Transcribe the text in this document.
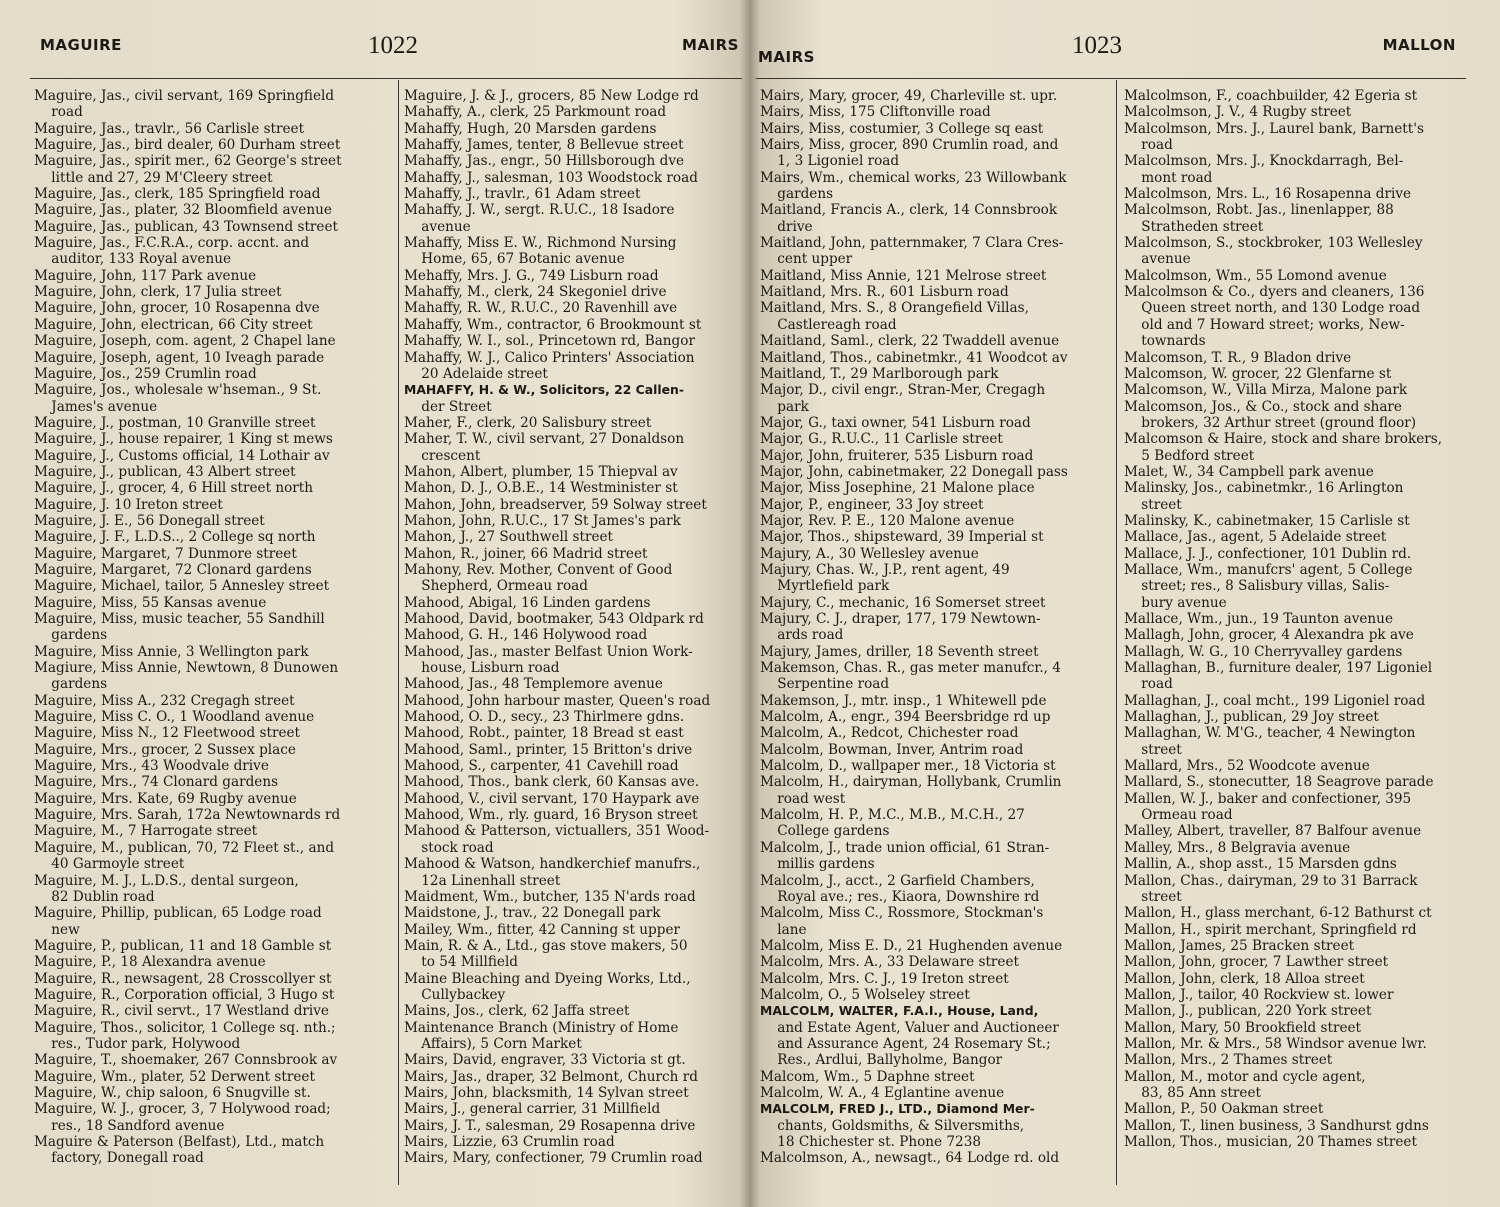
MAGUIRE	1022	MAIRS
Maguire, Jas., civil servant, 169 Springfield
road
Maguire, Jas., travlr., 56 Carlisle street
Maguire, Jas., bird dealer, 60 Durham street
Maguire, Jas., spirit mer., 62 George's street
little and 27, 29 M'Cleery street
Maguire, Jas., clerk, 185 Springfield road
Maguire, Jas., plater, 32 Bloomfield avenue
Maguire, Jas., publican, 43 Townsend street
Maguire, Jas., F.C.R.A., corp. accnt. and
auditor, 133 Royal avenue
Maguire, John, 117 Park avenue
Maguire, John, clerk, 17 Julia street
Maguire, John, grocer, 10 Rosapenna dve
Maguire, John, electrican, 66 City street
Maguire, Joseph, com. agent, 2 Chapel lane
Maguire, Joseph, agent, 10 Iveagh parade
Maguire, Jos., 259 Crumlin road
Maguire, Jos., wholesale w'hseman., 9 St.
James's avenue
Maguire, J., postman, 10 Granville street
Maguire, J., house repairer, 1 King st mews
Maguire, J., Customs official, 14 Lothair av
Maguire, J., publican, 43 Albert street
Maguire, J., grocer, 4, 6 Hill street north
Maguire, J. 10 Ireton street
Maguire, J. E., 56 Donegall street
Maguire, J. F., L.D.S.., 2 College sq north
Maguire, Margaret, 7 Dunmore street
Maguire, Margaret, 72 Clonard gardens
Maguire, Michael, tailor, 5 Annesley street
Maguire, Miss, 55 Kansas avenue
Maguire, Miss, music teacher, 55 Sandhill
gardens
Maguire, Miss Annie, 3 Wellington park
Magiure, Miss Annie, Newtown, 8 Dunowen
gardens
Maguire, Miss A., 232 Cregagh street
Maguire, Miss C. O., 1 Woodland avenue
Maguire, Miss N., 12 Fleetwood street
Maguire, Mrs., grocer, 2 Sussex place
Maguire, Mrs., 43 Woodvale drive
Maguire, Mrs., 74 Clonard gardens
Maguire, Mrs. Kate, 69 Rugby avenue
Maguire, Mrs. Sarah, 172a Newtownards rd
Maguire, M., 7 Harrogate street
Maguire, M., publican, 70, 72 Fleet st., and
40 Garmoyle street
Maguire, M. J., L.D.S., dental surgeon,
82 Dublin road
Maguire, Phillip, publican, 65 Lodge road
new
Maguire, P., publican, 11 and 18 Gamble st
Maguire, P., 18 Alexandra avenue
Maguire, R., newsagent, 28 Crosscollyer st
Maguire, R., Corporation official, 3 Hugo st
Maguire, R., civil servt., 17 Westland drive
Maguire, Thos., solicitor, 1 College sq. nth.;
res., Tudor park, Holywood
Maguire, T., shoemaker, 267 Connsbrook av
Maguire, Wm., plater, 52 Derwent street
Maguire, W., chip saloon, 6 Snugville st.
Maguire, W. J., grocer, 3, 7 Holywood road;
res., 18 Sandford avenue
Maguire & Paterson (Belfast), Ltd., match
factory, Donegall road
Maguire, J. & J., grocers, 85 New Lodge rd
Mahaffy, A., clerk, 25 Parkmount road
Mahaffy, Hugh, 20 Marsden gardens
Mahaffy, James, tenter, 8 Bellevue street
Mahaffy, Jas., engr., 50 Hillsborough dve
Mahaffy, J., salesman, 103 Woodstock road
Mahaffy, J., travlr., 61 Adam street
Mahaffy, J. W., sergt. R.U.C., 18 Isadore
avenue
Mahaffy, Miss E. W., Richmond Nursing
Home, 65, 67 Botanic avenue
Mehaffy, Mrs. J. G., 749 Lisburn road
Mahaffy, M., clerk, 24 Skegoniel drive
Mahaffy, R. W., R.U.C., 20 Ravenhill ave
Mahaffy, Wm., contractor, 6 Brookmount st
Mahaffy, W. I., sol., Princetown rd, Bangor
Mahaffy, W. J., Calico Printers' Association
20 Adelaide street
MAHAFFY, H. & W., Solicitors, 22 Callen-
der Street
Maher, F., clerk, 20 Salisbury street
Maher, T. W., civil servant, 27 Donaldson
crescent
Mahon, Albert, plumber, 15 Thiepval av
Mahon, D. J., O.B.E., 14 Westminister st
Mahon, John, breadserver, 59 Solway street
Mahon, John, R.U.C., 17 St James's park
Mahon, J., 27 Southwell street
Mahon, R., joiner, 66 Madrid street
Mahony, Rev. Mother, Convent of Good
Shepherd, Ormeau road
Mahood, Abigal, 16 Linden gardens
Mahood, David, bootmaker, 543 Oldpark rd
Mahood, G. H., 146 Holywood road
Mahood, Jas., master Belfast Union Work-
house, Lisburn road
Mahood, Jas., 48 Templemore avenue
Mahood, John harbour master, Queen's road
Mahood, O. D., secy., 23 Thirlmere gdns.
Mahood, Robt., painter, 18 Bread st east
Mahood, Saml., printer, 15 Britton's drive
Mahood, S., carpenter, 41 Cavehill road
Mahood, Thos., bank clerk, 60 Kansas ave.
Mahood, V., civil servant, 170 Haypark ave
Mahood, Wm., rly. guard, 16 Bryson street
Mahood & Patterson, victuallers, 351 Wood-
stock road
Mahood & Watson, handkerchief manufrs.,
12a Linenhall street
Maidment, Wm., butcher, 135 N'ards road
Maidstone, J., trav., 22 Donegall park
Mailey, Wm., fitter, 42 Canning st upper
Main, R. & A., Ltd., gas stove makers, 50
to 54 Millfield
Maine Bleaching and Dyeing Works, Ltd.,
Cullybackey
Mains, Jos., clerk, 62 Jaffa street
Maintenance Branch (Ministry of Home
Affairs), 5 Corn Market
Mairs, David, engraver, 33 Victoria st gt.
Mairs, Jas., draper, 32 Belmont, Church rd
Mairs, John, blacksmith, 14 Sylvan street
Mairs, J., general carrier, 31 Millfield
Mairs, J. T., salesman, 29 Rosapenna drive
Mairs, Lizzie, 63 Crumlin road
Mairs, Mary, confectioner, 79 Crumlin road
MAIRS	1023	MALLON
Mairs, Mary, grocer, 49, Charleville st. upr.
Mairs, Miss, 175 Cliftonville road
Mairs, Miss, costumier, 3 College sq east
Mairs, Miss, grocer, 890 Crumlin road, and
1, 3 Ligoniel road
Mairs, Wm., chemical works, 23 Willowbank
gardens
Maitland, Francis A., clerk, 14 Connsbrook
drive
Maitland, John, patternmaker, 7 Clara Cres-
cent upper
Maitland, Miss Annie, 121 Melrose street
Maitland, Mrs. R., 601 Lisburn road
Maitland, Mrs. S., 8 Orangefield Villas,
Castlereagh road
Maitland, Saml., clerk, 22 Twaddell avenue
Maitland, Thos., cabinetmkr., 41 Woodcot av
Maitland, T., 29 Marlborough park
Major, D., civil engr., Stran-Mer, Cregagh
park
Major, G., taxi owner, 541 Lisburn road
Major, G., R.U.C., 11 Carlisle street
Major, John, fruiterer, 535 Lisburn road
Major, John, cabinetmaker, 22 Donegall pass
Major, Miss Josephine, 21 Malone place
Major, P., engineer, 33 Joy street
Major, Rev. P. E., 120 Malone avenue
Major, Thos., shipsteward, 39 Imperial st
Majury, A., 30 Wellesley avenue
Majury, Chas. W., J.P., rent agent, 49
Myrtlefield park
Majury, C., mechanic, 16 Somerset street
Majury, C. J., draper, 177, 179 Newtown-
ards road
Majury, James, driller, 18 Seventh street
Makemson, Chas. R., gas meter manufcr., 4
Serpentine road
Makemson, J., mtr. insp., 1 Whitewell pde
Malcolm, A., engr., 394 Beersbridge rd up
Malcolm, A., Redcot, Chichester road
Malcolm, Bowman, Inver, Antrim road
Malcolm, D., wallpaper mer., 18 Victoria st
Malcolm, H., dairyman, Hollybank, Crumlin
road west
Malcolm, H. P., M.C., M.B., M.C.H., 27
College gardens
Malcolm, J., trade union official, 61 Stran-
millis gardens
Malcolm, J., acct., 2 Garfield Chambers,
Royal ave.; res., Kiaora, Downshire rd
Malcolm, Miss C., Rossmore, Stockman's
lane
Malcolm, Miss E. D., 21 Hughenden avenue
Malcolm, Mrs. A., 33 Delaware street
Malcolm, Mrs. C. J., 19 Ireton street
Malcolm, O., 5 Wolseley street
MALCOLM, WALTER, F.A.I., House, Land,
and Estate Agent, Valuer and Auctioneer
and Assurance Agent, 24 Rosemary St.;
Res., Ardlui, Ballyholme, Bangor
Malcom, Wm., 5 Daphne street
Malcolm, W. A., 4 Eglantine avenue
MALCOLM, FRED J., LTD., Diamond Mer-
chants, Goldsmiths, & Silversmiths,
18 Chichester st. Phone 7238
Malcolmson, A., newsagt., 64 Lodge rd. old
Malcolmson, F., coachbuilder, 42 Egeria st
Malcolmson, J. V., 4 Rugby street
Malcolmson, Mrs. J., Laurel bank, Barnett's
road
Malcolmson, Mrs. J., Knockdarragh, Bel-
mont road
Malcolmson, Mrs. L., 16 Rosapenna drive
Malcolmson, Robt. Jas., linenlapper, 88
Stratheden street
Malcolmson, S., stockbroker, 103 Wellesley
avenue
Malcolmson, Wm., 55 Lomond avenue
Malcolmson & Co., dyers and cleaners, 136
Queen street north, and 130 Lodge road
old and 7 Howard street; works, New-
townards
Malcomson, T. R., 9 Bladon drive
Malcomson, W. grocer, 22 Glenfarne st
Malcomson, W., Villa Mirza, Malone park
Malcomson, Jos., & Co., stock and share
brokers, 32 Arthur street (ground floor)
Malcomson & Haire, stock and share brokers,
5 Bedford street
Malet, W., 34 Campbell park avenue
Malinsky, Jos., cabinetmkr., 16 Arlington
street
Malinsky, K., cabinetmaker, 15 Carlisle st
Mallace, Jas., agent, 5 Adelaide street
Mallace, J. J., confectioner, 101 Dublin rd.
Mallace, Wm., manufcrs' agent, 5 College
street; res., 8 Salisbury villas, Salis-
bury avenue
Mallace, Wm., jun., 19 Taunton avenue
Mallagh, John, grocer, 4 Alexandra pk ave
Mallagh, W. G., 10 Cherryvalley gardens
Mallaghan, B., furniture dealer, 197 Ligoniel
road
Mallaghan, J., coal mcht., 199 Ligoniel road
Mallaghan, J., publican, 29 Joy street
Mallaghan, W. M'G., teacher, 4 Newington
street
Mallard, Mrs., 52 Woodcote avenue
Mallard, S., stonecutter, 18 Seagrove parade
Mallen, W. J., baker and confectioner, 395
Ormeau road
Malley, Albert, traveller, 87 Balfour avenue
Malley, Mrs., 8 Belgravia avenue
Mallin, A., shop asst., 15 Marsden gdns
Mallon, Chas., dairyman, 29 to 31 Barrack
street
Mallon, H., glass merchant, 6-12 Bathurst ct
Mallon, H., spirit merchant, Springfield rd
Mallon, James, 25 Bracken street
Mallon, John, grocer, 7 Lawther street
Mallon, John, clerk, 18 Alloa street
Mallon, J., tailor, 40 Rockview st. lower
Mallon, J., publican, 220 York street
Mallon, Mary, 50 Brookfield street
Mallon, Mr. & Mrs., 58 Windsor avenue lwr.
Mallon, Mrs., 2 Thames street
Mallon, M., motor and cycle agent,
83, 85 Ann street
Mallon, P., 50 Oakman street
Mallon, T., linen business, 3 Sandhurst gdns
Mallon, Thos., musician, 20 Thames street
